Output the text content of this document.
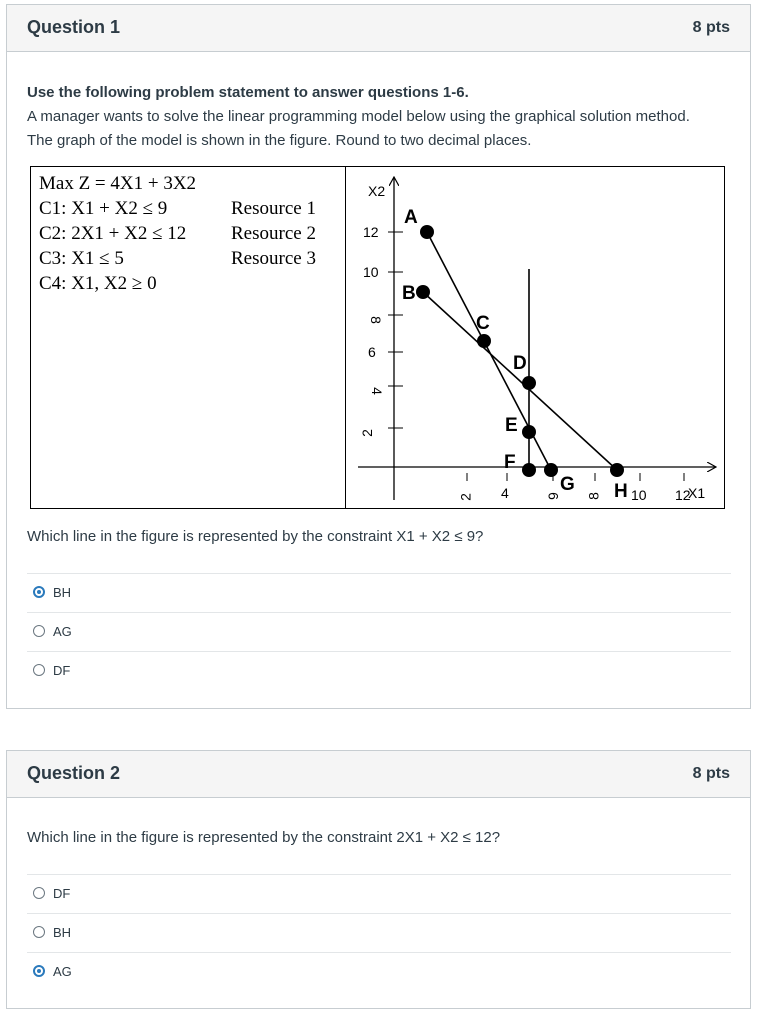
Question 1	8 pts
Use the following problem statement to answer questions 1-6.
A manager wants to solve the linear programming model below using the graphical solution method.
The graph of the model is shown in the figure. Round to two decimal places.
Max Z = 4X1 + 3X2
C1: X1 + X2 ≤ 9	Resource 1
C2: 2X1 + X2 ≤ 12 Resource 2
C3: X1 ≤ 5	Resource 3
C4: X1, X2 ≥ 0
X2
X1
12
10
8
6
4
2
2 4	6 8 10 12
A
B
C
D
E
F
G H
Which line in the figure is represented by the constraint X1 + X2 ≤ 9?
BH
AG
DF
Question 2	8 pts
Which line in the figure is represented by the constraint 2X1 + X2 ≤ 12?
DF
BH
AG
